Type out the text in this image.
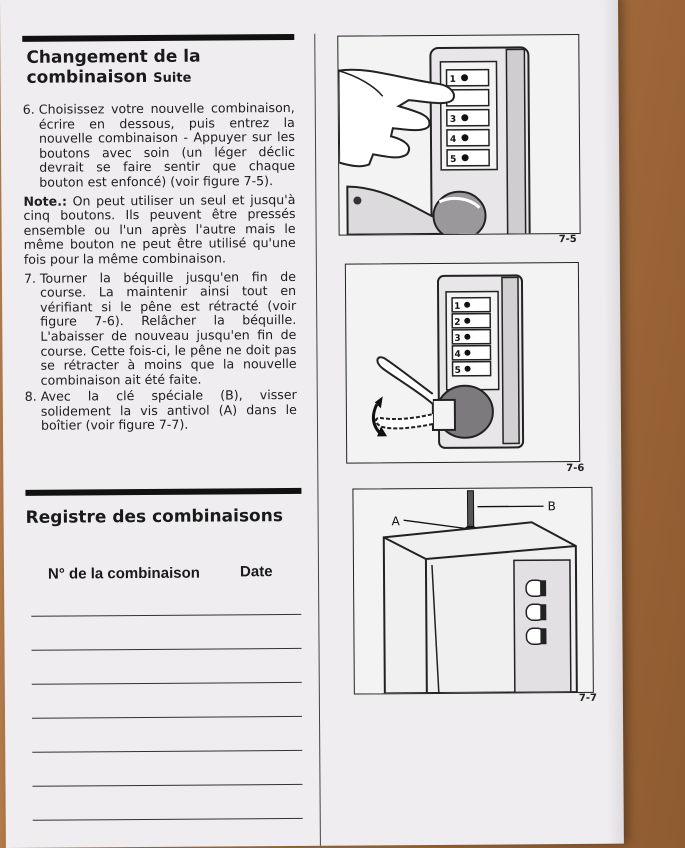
Changement de la
combinaison Suite
6. Choisissez votre nouvelle combinaison, écrire en dessous, puis entrez la nouvelle combinaison - Appuyer sur les boutons avec soin (un léger déclic devrait se faire sentir que chaque bouton est enfoncé) (voir figure 7-5).
Note.: On peut utiliser un seul et jusqu'à cinq boutons. Ils peuvent être pressés ensemble ou l'un après l'autre mais le même bouton ne peut être utilisé qu'une fois pour la même combinaison.
7. Tourner la béquille jusqu'en fin de course. La maintenir ainsi tout en vérifiant si le pêne est rétracté (voir figure 7-6). Relâcher la béquille. L'abaisser de nouveau jusqu'en fin de course. Cette fois-ci, le pêne ne doit pas se rétracter à moins que la nouvelle combinaison ait été faite.
8. Avec la clé spéciale (B), visser solidement la vis antivol (A) dans le boîtier (voir figure 7-7).
Registre des combinaisons
N° de la combinaison	Date
1
3
4
5
7-5
1
2
3
4
5
7-6
A
B
7-7
